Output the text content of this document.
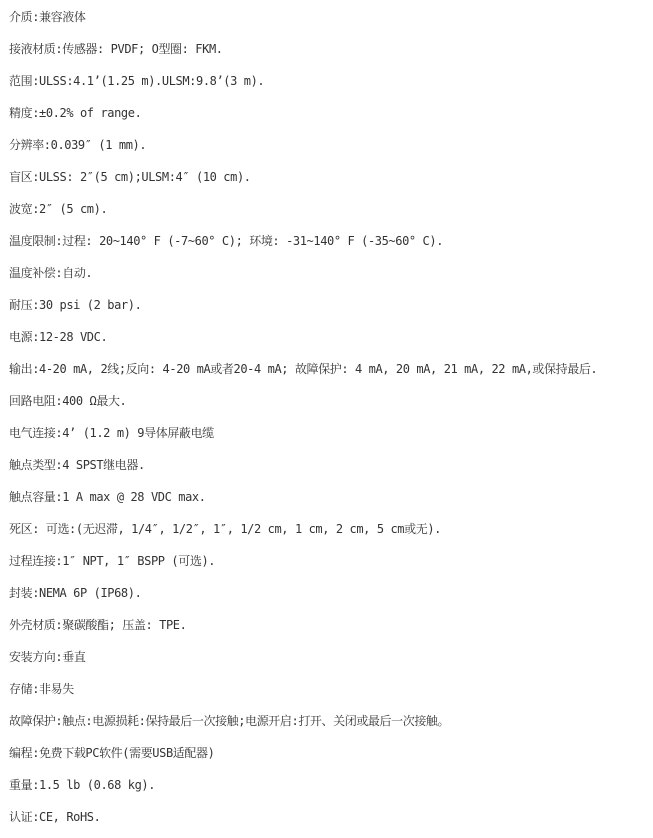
介质:兼容液体
接液材质:传感器: PVDF; O型圈: FKM.
范围:ULSS:4.1’(1.25 m).ULSM:9.8’(3 m).
精度:±0.2% of range.
分辨率:0.039″ (1 mm).
盲区:ULSS: 2″(5 cm);ULSM:4″ (10 cm).
波宽:2″ (5 cm).
温度限制:过程: 20~140° F (-7~60° C); 环境: -31~140° F (-35~60° C).
温度补偿:自动.
耐压:30 psi (2 bar).
电源:12-28 VDC.
输出:4-20 mA, 2线;反向: 4-20 mA或者20-4 mA; 故障保护: 4 mA, 20 mA, 21 mA, 22 mA,或保持最后.
回路电阻:400 Ω最大.
电气连接:4’ (1.2 m) 9导体屏蔽电缆
触点类型:4 SPST继电器.
触点容量:1 A max @ 28 VDC max.
死区: 可选:(无迟滞, 1/4″, 1/2″, 1″, 1/2 cm, 1 cm, 2 cm, 5 cm或无).
过程连接:1″ NPT, 1″ BSPP (可选).
封装:NEMA 6P (IP68).
外壳材质:聚碳酸酯; 压盖: TPE.
安装方向:垂直
存储:非易失
故障保护:触点:电源损耗:保持最后一次接触;电源开启:打开、关闭或最后一次接触。
编程:免费下载PC软件(需要USB适配器)
重量:1.5 lb (0.68 kg).
认证:CE, RoHS.
